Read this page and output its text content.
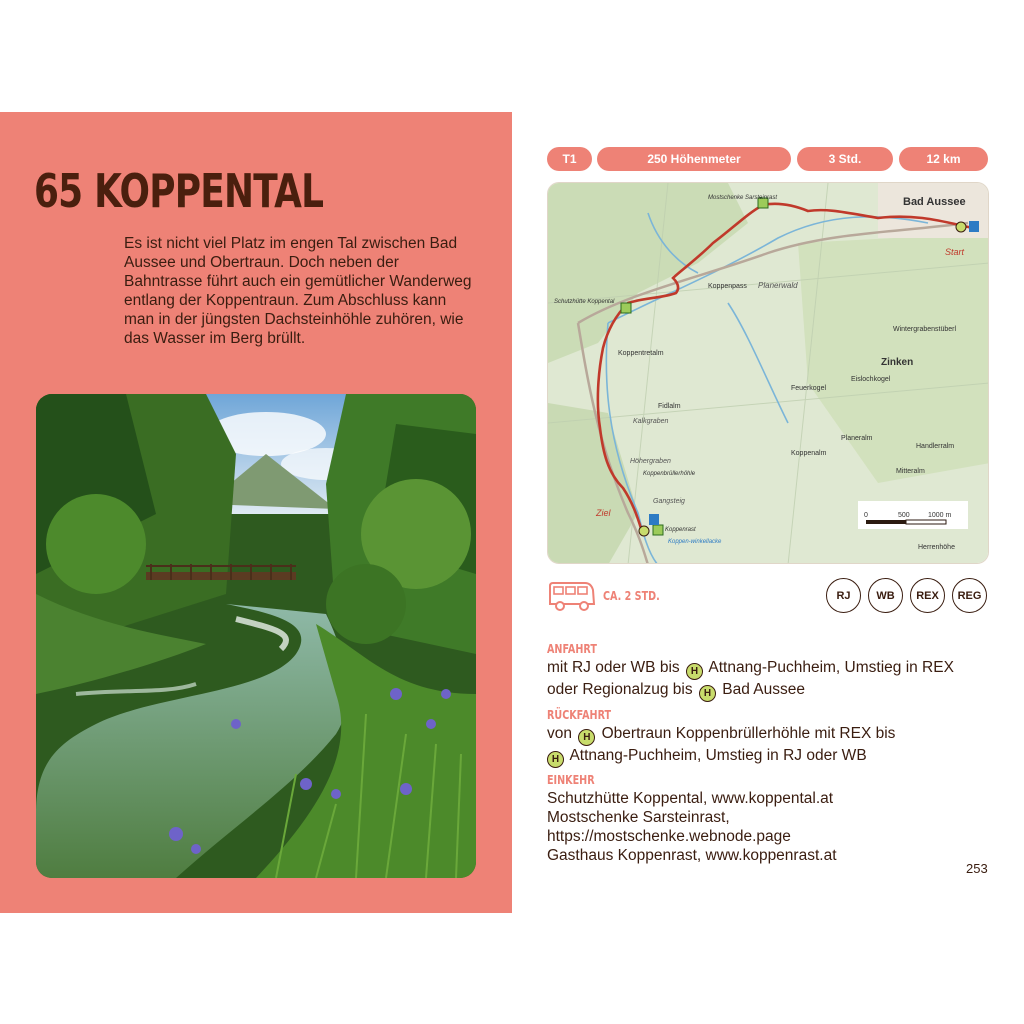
65 KOPPENTAL

Es ist nicht viel Platz im engen Tal zwischen Bad Aussee und Obertraun. Doch neben der Bahntrasse führt auch ein gemütlicher Wanderweg entlang der Koppentraun. Zum Abschluss kann man in der jüngsten Dachsteinhöhle zuhören, wie das Wasser im Berg brüllt.

T1	250 Höhenmeter	3 Std.	12 km
Bad Aussee
Start
Ziel
Zinken
Koppenpass Planerwald
Koppentretalm
Fidlalm
Feuerkogel
Eislochkogel
Planeralm
Koppenalm
Handlerralm
Mitteralm
Wintergrabenstüberl
Herrenhöhe
Mostschenke Sarsteinrast
Schutzhütte Koppental
Koppenbrüllerhöhle
Koppenrast
Koppen-winkellacke
Kalkgraben
Höhergraben
Gangsteig
0	500	1000 m
CA. 2 STD.	RJ	WB	REX	REG
ANFAHRT
mit RJ oder WB bis H Attnang-Puchheim, Umstieg in REX
oder Regionalzug bis H Bad Aussee
RÜCKFAHRT
von H Obertraun Koppenbrüllerhöhle mit REX bis
H Attnang-Puchheim, Umstieg in RJ oder WB
EINKEHR
Schutzhütte Koppental, www.koppental.at
Mostschenke Sarsteinrast,
https://mostschenke.webnode.page
Gasthaus Koppenrast, www.koppenrast.at
253
